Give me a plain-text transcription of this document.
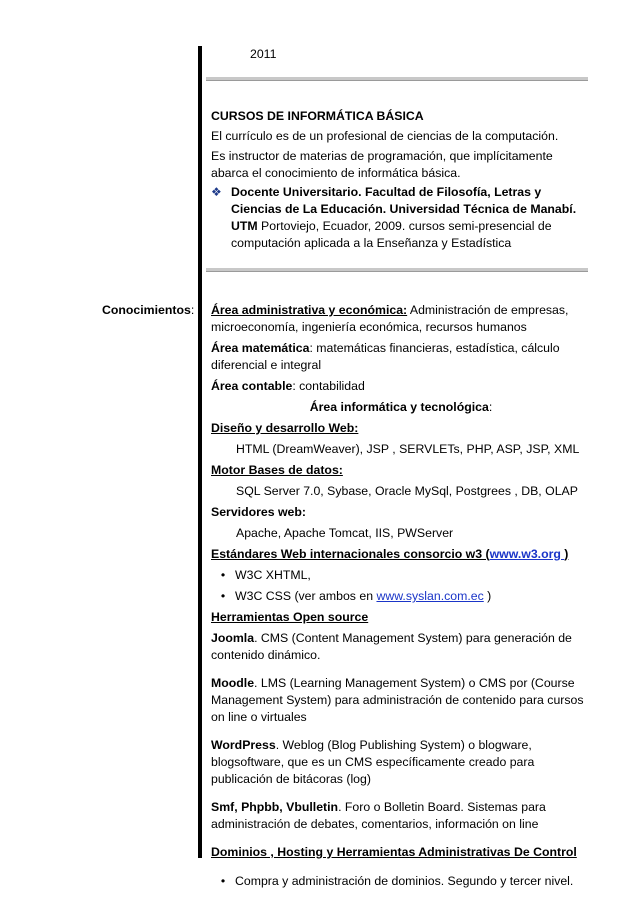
2011
CURSOS DE INFORMÁTICA BÁSICA
El currículo es de un profesional de ciencias de la computación.
Es instructor de materias de programación, que implícitamente abarca el conocimiento de informática básica.
❖ Docente Universitario. Facultad de Filosofía, Letras y Ciencias de La Educación. Universidad Técnica de Manabí. UTM Portoviejo, Ecuador, 2009. cursos semi-presencial de computación aplicada a la Enseñanza y Estadística
Conocimientos: Área administrativa y económica: Administración de empresas, microeconomía, ingeniería económica, recursos humanos
Área matemática: matemáticas financieras, estadística, cálculo diferencial e integral
Área contable: contabilidad
Área informática y tecnológica:
Diseño y desarrollo Web:
HTML (DreamWeaver), JSP , SERVLETs, PHP, ASP, JSP, XML
Motor Bases de datos:
SQL Server 7.0, Sybase, Oracle MySql, Postgrees , DB, OLAP
Servidores web:
Apache, Apache Tomcat, IIS, PWServer
Estándares Web internacionales consorcio w3 (www.w3.org )
• W3C XHTML,
• W3C CSS (ver ambos en www.syslan.com.ec )
Herramientas Open source
Joomla. CMS (Content Management System) para generación de contenido dinámico.
Moodle. LMS (Learning Management System) o CMS por (Course Management System) para administración de contenido para cursos on line o virtuales
WordPress. Weblog (Blog Publishing System) o blogware, blogsoftware, que es un CMS específicamente creado para publicación de bitácoras (log)
Smf, Phpbb, Vbulletin. Foro o Bolletin Board. Sistemas para administración de debates, comentarios, información on line
Dominios , Hosting y Herramientas Administrativas De Control
• Compra y administración de dominios. Segundo y tercer nivel.
